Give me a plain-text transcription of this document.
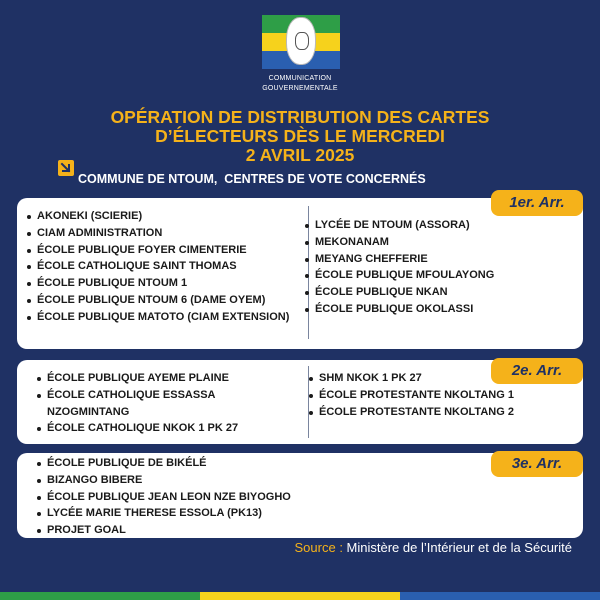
COMMUNICATION
GOUVERNEMENTALE
OPÉRATION DE DISTRIBUTION DES CARTES
D’ÉLECTEURS DÈS LE MERCREDI
2 AVRIL 2025
COMMUNE DE NTOUM,  CENTRES DE VOTE CONCERNÉS
AKONEKI (SCIERIE)
CIAM ADMINISTRATION
ÉCOLE PUBLIQUE FOYER CIMENTERIE
ÉCOLE CATHOLIQUE SAINT THOMAS
ÉCOLE PUBLIQUE NTOUM 1
ÉCOLE PUBLIQUE NTOUM 6 (DAME OYEM)
ÉCOLE PUBLIQUE MATOTO (CIAM EXTENSION)
LYCÉE DE NTOUM (ASSORA)
MEKONANAM
MEYANG CHEFFERIE
ÉCOLE PUBLIQUE MFOULAYONG
ÉCOLE PUBLIQUE NKAN
ÉCOLE PUBLIQUE OKOLASSI
1er. Arr.
ÉCOLE PUBLIQUE AYEME PLAINE
ÉCOLE CATHOLIQUE ESSASSA NZOGMINTANG
ÉCOLE CATHOLIQUE NKOK 1 PK 27
SHM NKOK 1 PK 27
ÉCOLE PROTESTANTE NKOLTANG 1
ÉCOLE PROTESTANTE NKOLTANG 2
2e. Arr.
ÉCOLE PUBLIQUE DE BIKÉLÉ
BIZANGO BIBERE
ÉCOLE PUBLIQUE JEAN LEON NZE BIYOGHO
LYCÉE MARIE THERESE ESSOLA (PK13)
PROJET GOAL
3e. Arr.
Source : Ministère de l’Intérieur et de la Sécurité
